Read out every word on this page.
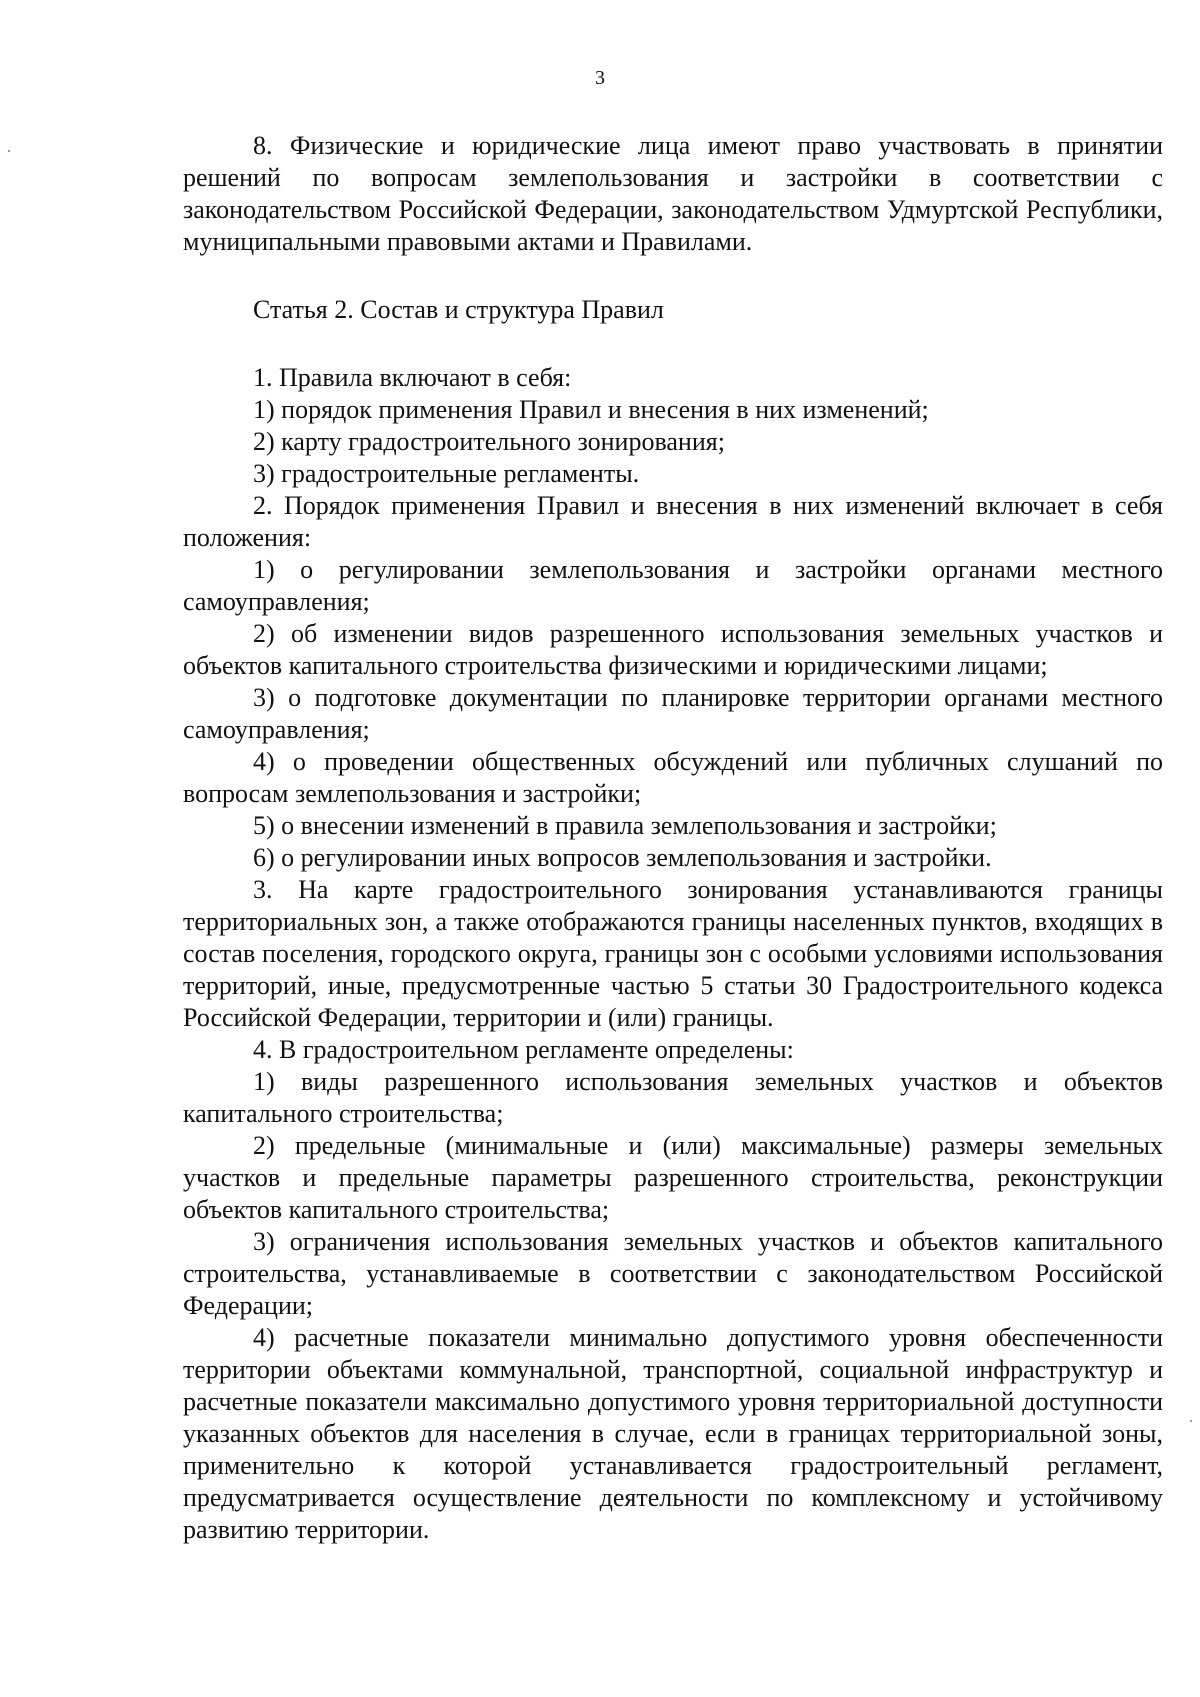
3

8. Физические и юридические лица имеют право участвовать в принятии решений по вопросам землепользования и застройки в соответствии с законодательством Российской Федерации, законодательством Удмуртской Республики, муниципальными правовыми актами и Правилами.

Статья 2. Состав и структура Правил

1. Правила включают в себя:

1) порядок применения Правил и внесения в них изменений;

2) карту градостроительного зонирования;

3) градостроительные регламенты.

2. Порядок применения Правил и внесения в них изменений включает в себя положения:

1) о регулировании землепользования и застройки органами местного самоуправления;

2) об изменении видов разрешенного использования земельных участков и объектов капитального строительства физическими и юридическими лицами;

3) о подготовке документации по планировке территории органами местного самоуправления;

4) о проведении общественных обсуждений или публичных слушаний по вопросам землепользования и застройки;

5) о внесении изменений в правила землепользования и застройки;

6) о регулировании иных вопросов землепользования и застройки.

3. На карте градостроительного зонирования устанавливаются границы территориальных зон, а также отображаются границы населенных пунктов, входящих в состав поселения, городского округа, границы зон с особыми условиями использования территорий, иные, предусмотренные частью 5 статьи 30 Градостроительного кодекса Российской Федерации, территории и (или) границы.

4. В градостроительном регламенте определены:

1) виды разрешенного использования земельных участков и объектов капитального строительства;

2) предельные (минимальные и (или) максимальные) размеры земельных участков и предельные параметры разрешенного строительства, реконструкции объектов капитального строительства;

3) ограничения использования земельных участков и объектов капитального строительства, устанавливаемые в соответствии с законодательством Российской Федерации;

4) расчетные показатели минимально допустимого уровня обеспеченности территории объектами коммунальной, транспортной, социальной инфраструктур и расчетные показатели максимально допустимого уровня территориальной доступности указанных объектов для населения в случае, если в границах территориальной зоны, применительно к которой устанавливается градостроительный регламент, предусматривается осуществление деятельности по комплексному и устойчивому развитию территории.
